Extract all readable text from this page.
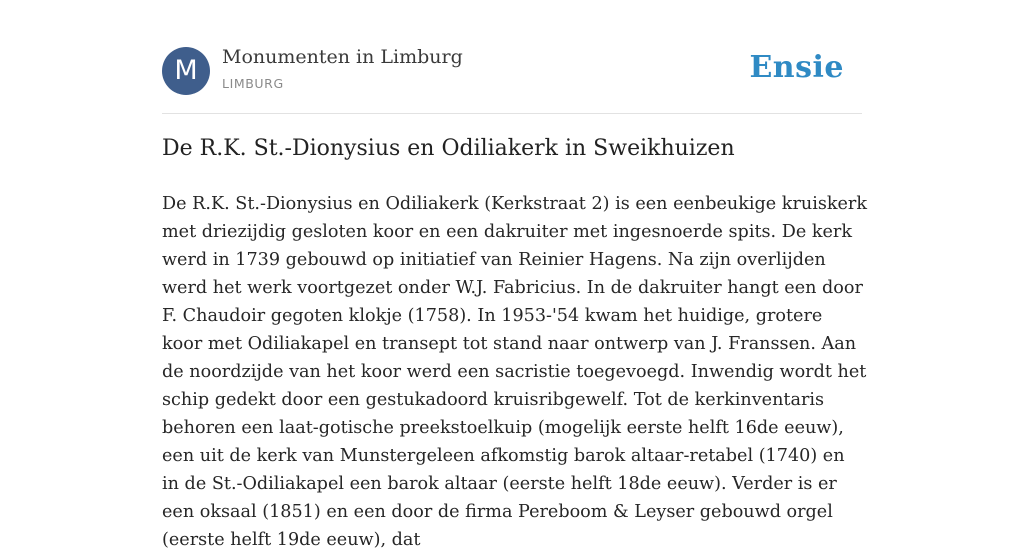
M	Monumenten in Limburg
LIMBURG	Ensie
De R.K. St.-Dionysius en Odiliakerk in Sweikhuizen

De R.K. St.-Dionysius en Odiliakerk (Kerkstraat 2) is een eenbeukige kruiskerk met driezijdig gesloten koor en een dakruiter met ingesnoerde spits. De kerk werd in 1739 gebouwd op initiatief van Reinier Hagens. Na zijn overlijden werd het werk voortgezet onder W.J. Fabricius. In de dakruiter hangt een door F. Chaudoir gegoten klokje (1758). In 1953-'54 kwam het huidige, grotere koor met Odiliakapel en transept tot stand naar ontwerp van J. Franssen. Aan de noordzijde van het koor werd een sacristie toegevoegd. Inwendig wordt het schip gedekt door een gestukadoord kruisribgewelf. Tot de kerkinventaris behoren een laat-gotische preekstoelkuip (mogelijk eerste helft 16de eeuw), een uit de kerk van Munstergeleen afkomstig barok altaar-retabel (1740) en in de St.-Odiliakapel een barok altaar (eerste helft 18de eeuw). Verder is er een oksaal (1851) en een door de firma Pereboom & Leyser gebouwd orgel (eerste helft 19de eeuw), dat
